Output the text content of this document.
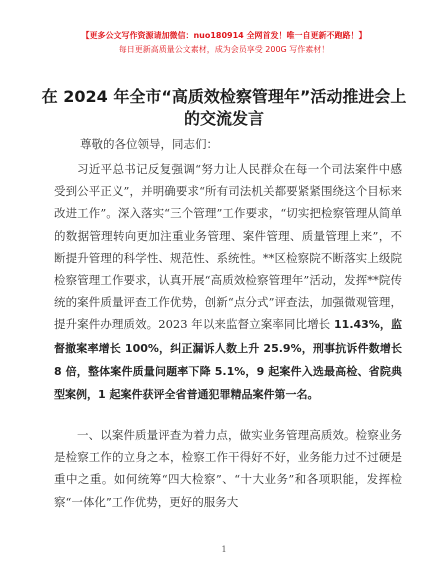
【更多公文写作资源请加微信：nuo180914 全网首发！唯一自更新不跑路！】
每日更新高质量公文素材，成为会员享受 200G 写作素材！
在 2024 年全市“高质效检察管理年”活动推进会上的交流发言
尊敬的各位领导，同志们：

习近平总书记反复强调“努力让人民群众在每一个司法案件中感受到公平正义”，并明确要求“所有司法机关都要紧紧围绕这个目标来改进工作”。深入落实“三个管理”工作要求，“切实把检察管理从简单的数据管理转向更加注重业务管理、案件管理、质量管理上来”，不断提升管理的科学性、规范性、系统性。**区检察院不断落实上级院检察管理工作要求，认真开展“高质效检察管理年”活动，发挥**院传统的案件质量评查工作优势，创新“点分式”评查法，加强微观管理，提升案件办理质效。2023 年以来监督立案率同比增长 11.43%，监督撤案率增长 100%，纠正漏诉人数上升 25.9%，刑事抗诉件数增长 8 倍，整体案件质量问题率下降 5.1%，9 起案件入选最高检、省院典型案例，1 起案件获评全省普通犯罪精品案件第一名。

一、以案件质量评查为着力点，做实业务管理高质效。检察业务是检察工作的立身之本，检察工作干得好不好，业务能力过不过硬是重中之重。如何统筹“四大检察”、“十大业务”和各项职能，发挥检察“一体化”工作优势，更好的服务大

1
